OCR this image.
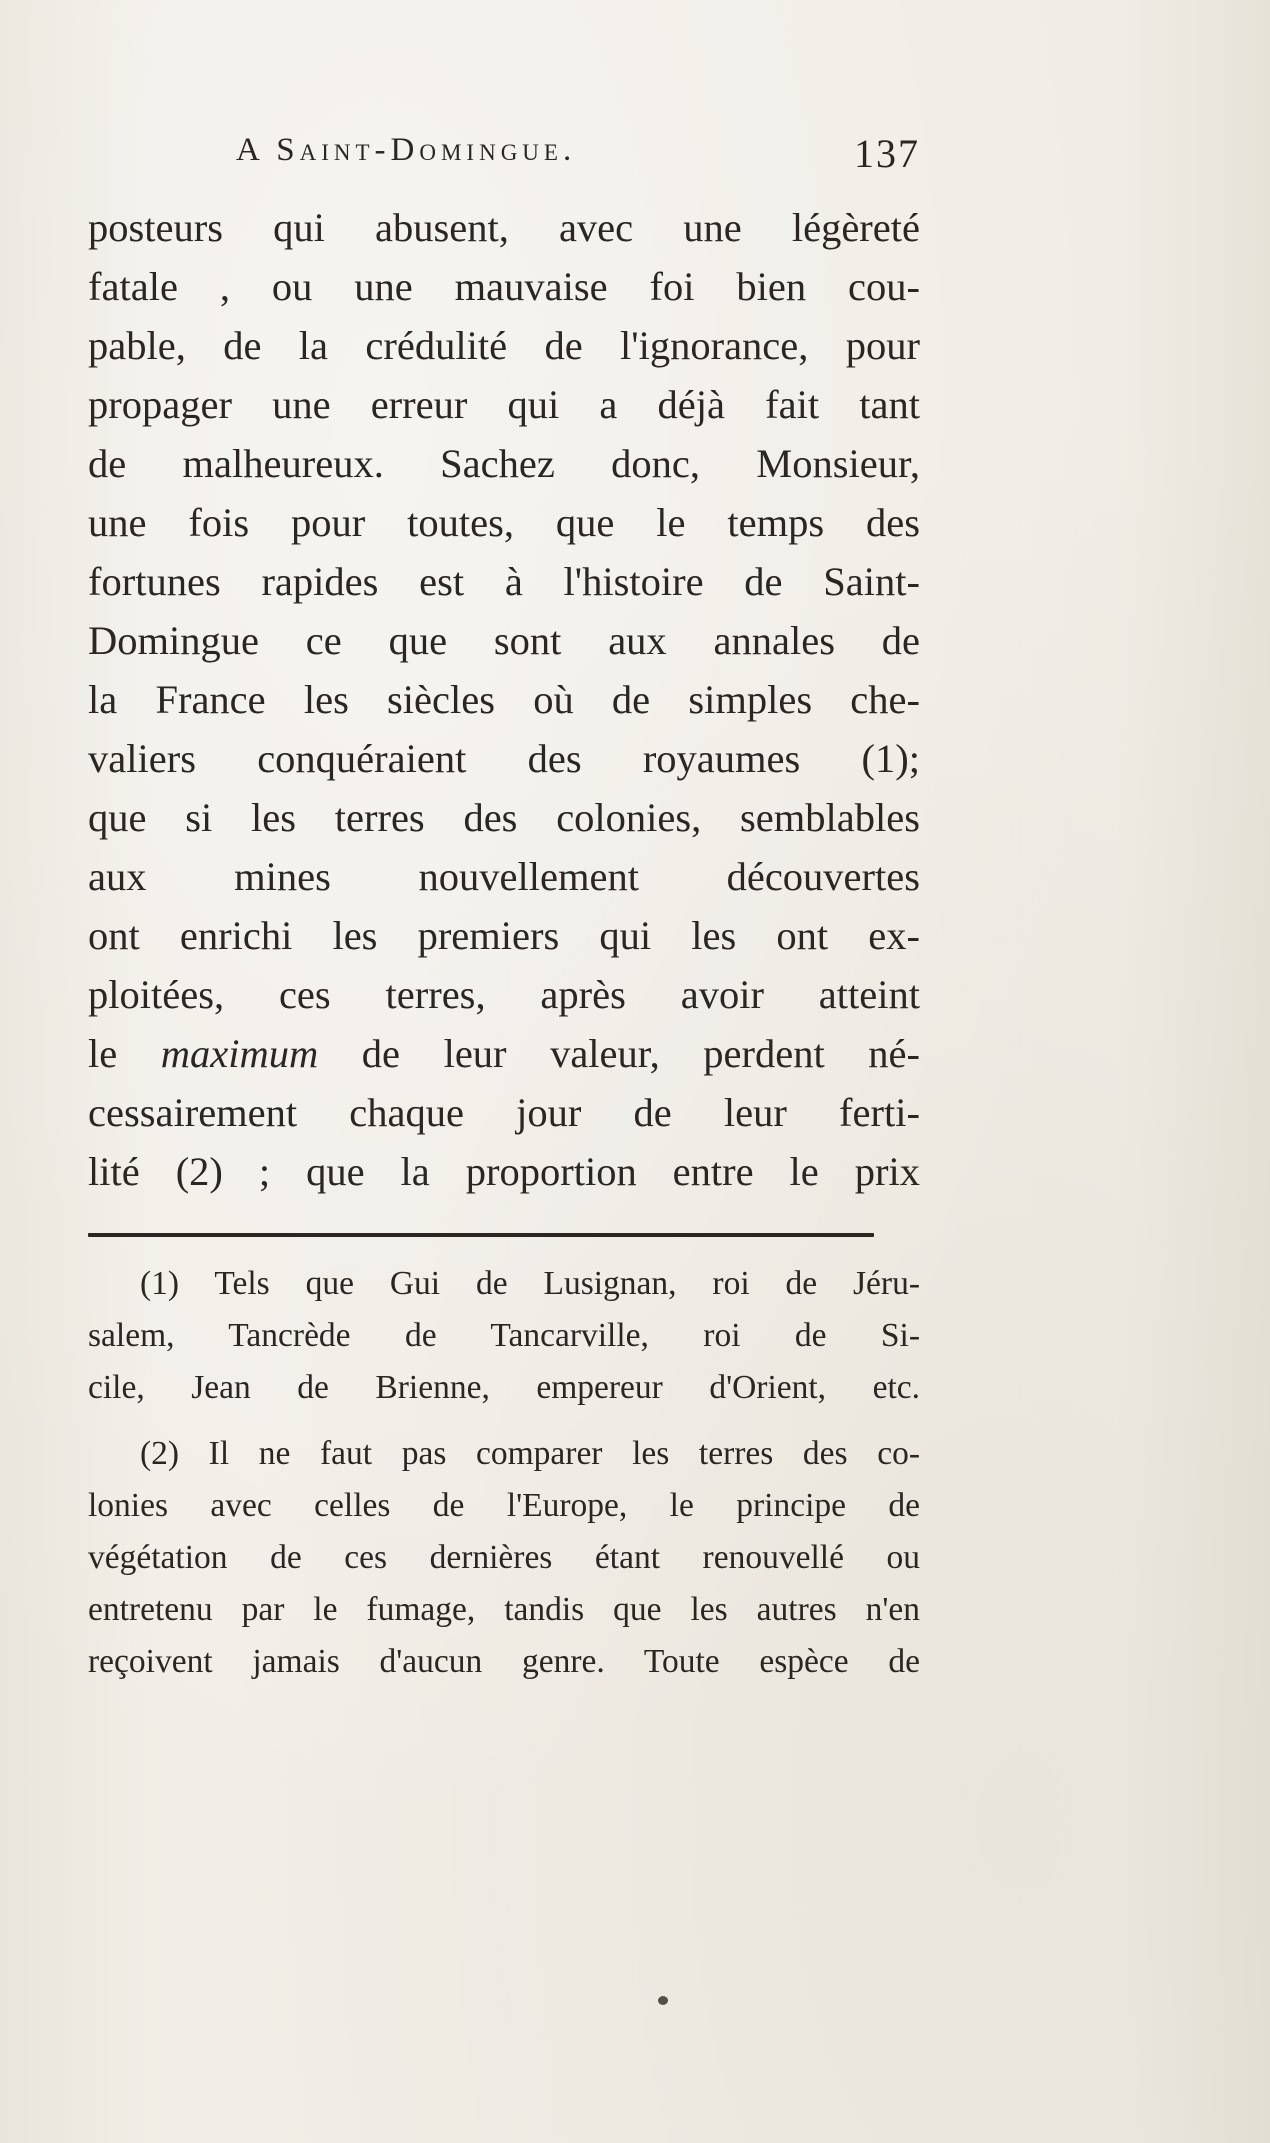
A Saint-Domingue.	137
posteurs qui abusent, avec une légèreté
fatale , ou une mauvaise foi bien cou-
pable, de la crédulité de l'ignorance, pour
propager une erreur qui a déjà fait tant
de malheureux. Sachez donc, Monsieur,
une fois pour toutes, que le temps des
fortunes rapides est à l'histoire de Saint-
Domingue ce que sont aux annales de
la France les siècles où de simples che-
valiers conquéraient des royaumes (1);
que si les terres des colonies, semblables
aux mines nouvellement découvertes
ont enrichi les premiers qui les ont ex-
ploitées, ces terres, après avoir atteint
le maximum de leur valeur, perdent né-
cessairement chaque jour de leur ferti-
lité (2) ; que la proportion entre le prix
(1) Tels que Gui de Lusignan, roi de Jéru-
salem, Tancrède de Tancarville, roi de Si-
cile, Jean de Brienne, empereur d'Orient, etc.
(2) Il ne faut pas comparer les terres des co-
lonies avec celles de l'Europe, le principe de
végétation de ces dernières étant renouvellé ou
entretenu par le fumage, tandis que les autres n'en
reçoivent jamais d'aucun genre. Toute espèce de
